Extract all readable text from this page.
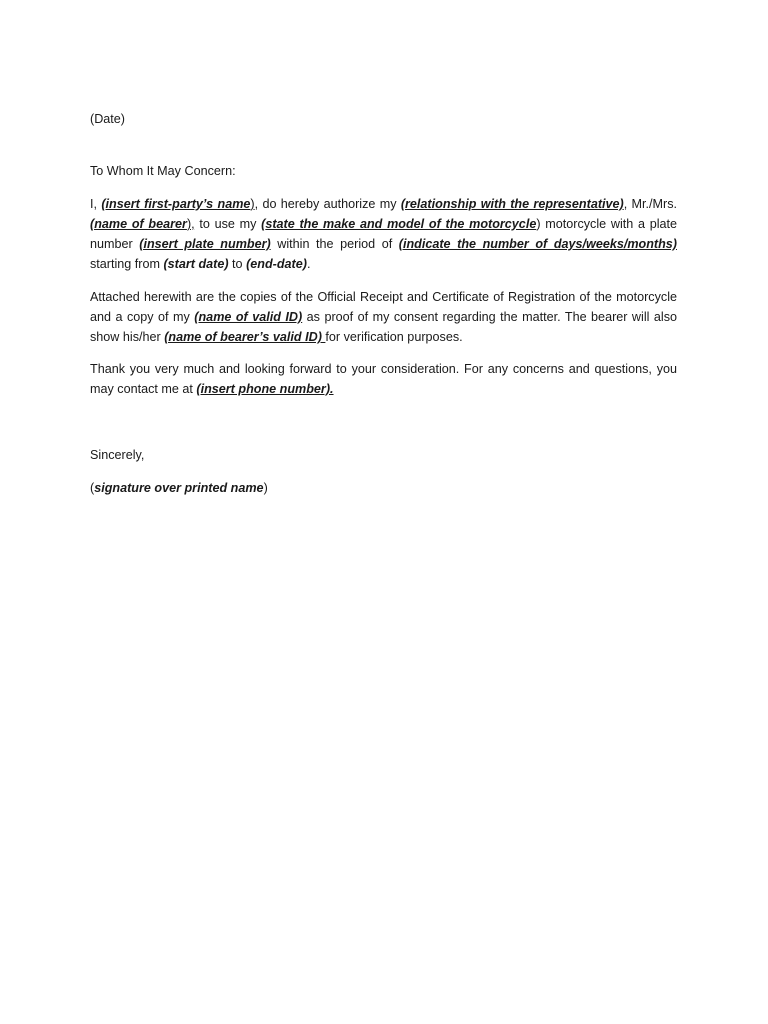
(Date)

To Whom It May Concern:

I, (insert first-party’s name), do hereby authorize my (relationship with the representative), Mr./Mrs. (name of bearer), to use my (state the make and model of the motorcycle) motorcycle with a plate number (insert plate number) within the period of (indicate the number of days/weeks/months) starting from (start date) to (end-date).

Attached herewith are the copies of the Official Receipt and Certificate of Registration of the motorcycle and a copy of my (name of valid ID) as proof of my consent regarding the matter. The bearer will also show his/her (name of bearer’s valid ID) for verification purposes.

Thank you very much and looking forward to your consideration. For any concerns and questions, you may contact me at (insert phone number).

Sincerely,

(signature over printed name)
